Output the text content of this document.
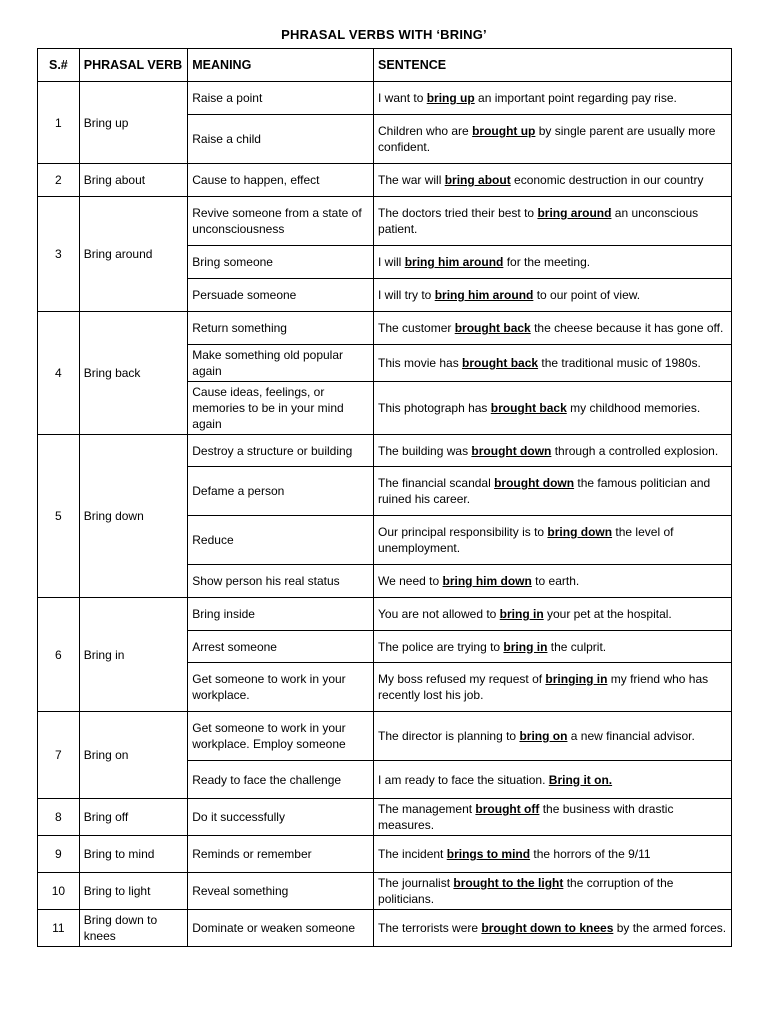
PHRASAL VERBS WITH ‘BRING’
S.#	PHRASAL VERB	MEANING	SENTENCE
1	Bring up	Raise a point	I want to bring up an important point regarding pay rise.
		Raise a child	Children who are brought up by single parent are usually more confident.
2	Bring about	Cause to happen, effect	The war will bring about economic destruction in our country
3	Bring around	Revive someone from a state of unconsciousness	The doctors tried their best to bring around an unconscious patient.
		Bring someone	I will bring him around for the meeting.
		Persuade someone	I will try to bring him around to our point of view.
4	Bring back	Return something	The customer brought back the cheese because it has gone off.
		Make something old popular again	This movie has brought back the traditional music of 1980s.
		Cause ideas, feelings, or memories to be in your mind again	This photograph has brought back my childhood memories.
5	Bring down	Destroy a structure or building	The building was brought down through a controlled explosion.
		Defame a person	The financial scandal brought down the famous politician and ruined his career.
		Reduce	Our principal responsibility is to bring down the level of unemployment.
		Show person his real status	We need to bring him down to earth.
6	Bring in	Bring inside	You are not allowed to bring in your pet at the hospital.
		Arrest someone	The police are trying to bring in the culprit.
		Get someone to work in your workplace.	My boss refused my request of bringing in my friend who has recently lost his job.
7	Bring on	Get someone to work in your workplace. Employ someone	The director is planning to bring on a new financial advisor.
		Ready to face the challenge	I am ready to face the situation. Bring it on.
8	Bring off	Do it successfully	The management brought off the business with drastic measures.
9	Bring to mind	Reminds or remember	The incident brings to mind the horrors of the 9/11
10	Bring to light	Reveal something	The journalist brought to the light the corruption of the politicians.
11	Bring down to knees	Dominate or weaken someone	The terrorists were brought down to knees by the armed forces.
